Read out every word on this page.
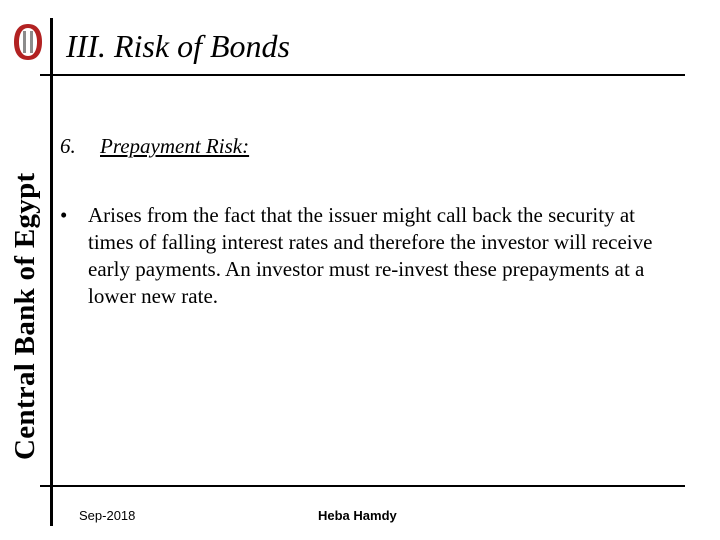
Central Bank of Egypt
III. Risk of Bonds
6. Prepayment Risk:
• Arises from the fact that the issuer might call back the security at times of falling interest rates and therefore the investor will receive early payments. An investor must re-invest these prepayments at a lower new rate.
Sep-2018	Heba Hamdy
